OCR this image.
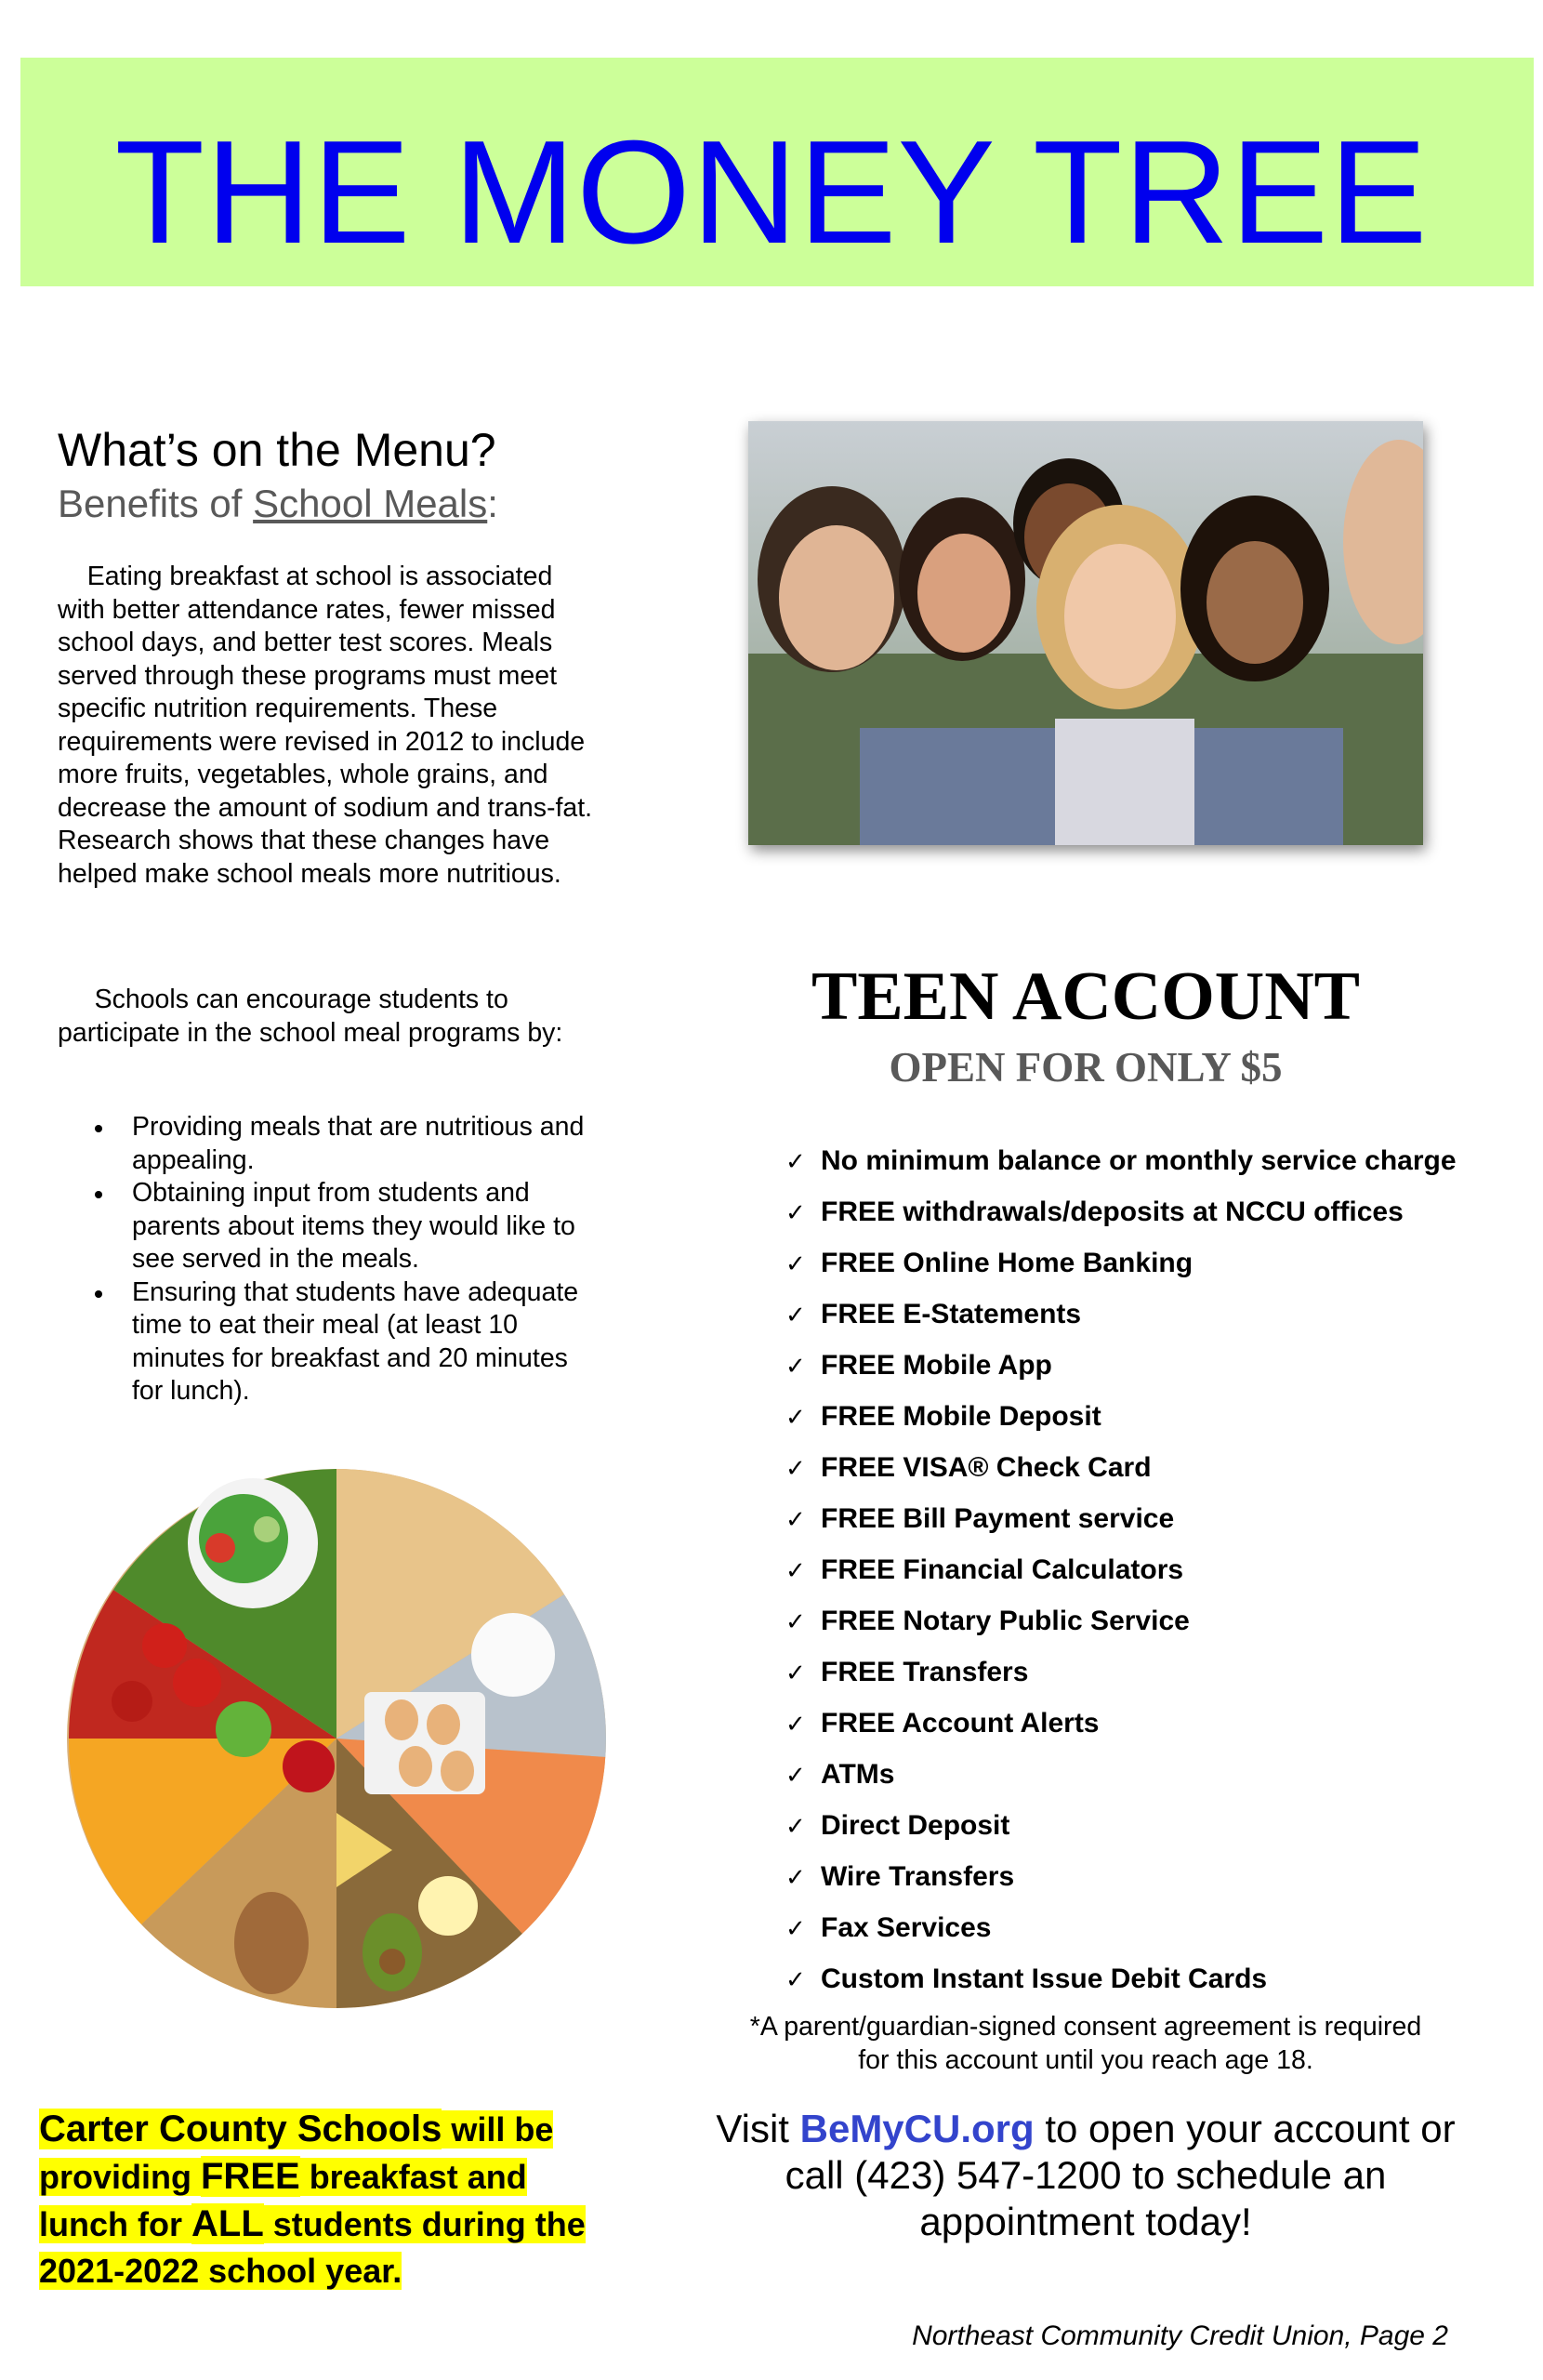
THE MONEY TREE
What’s on the Menu?
Benefits of School Meals:

Eating breakfast at school is associated with better attendance rates, fewer missed school days, and better test scores. Meals served through these programs must meet specific nutrition requirements. These requirements were revised in 2012 to include more fruits, vegetables, whole grains, and decrease the amount of sodium and trans-fat. Research shows that these changes have helped make school meals more nutritious.

Schools can encourage students to participate in the school meal programs by:

Providing meals that are nutritious and appealing.
Obtaining input from students and parents about items they would like to see served in the meals.
Ensuring that students have adequate time to eat their meal (at least 10 minutes for breakfast and 20 minutes for lunch).
Carter County Schools will be providing FREE breakfast and lunch for ALL students during the 2021-2022 school year.
TEEN ACCOUNT
OPEN FOR ONLY $5
✓ No minimum balance or monthly service charge
✓ FREE withdrawals/deposits at NCCU offices
✓ FREE Online Home Banking
✓ FREE E-Statements
✓ FREE Mobile App
✓ FREE Mobile Deposit
✓ FREE VISA® Check Card
✓ FREE Bill Payment service
✓ FREE Financial Calculators
✓ FREE Notary Public Service
✓ FREE Transfers
✓ FREE Account Alerts
✓ ATMs
✓ Direct Deposit
✓ Wire Transfers
✓ Fax Services
✓ Custom Instant Issue Debit Cards
*A parent/guardian-signed consent agreement is required for this account until you reach age 18.
Visit BeMyCU.org to open your account or call (423) 547-1200 to schedule an appointment today!
Northeast Community Credit Union, Page 2
